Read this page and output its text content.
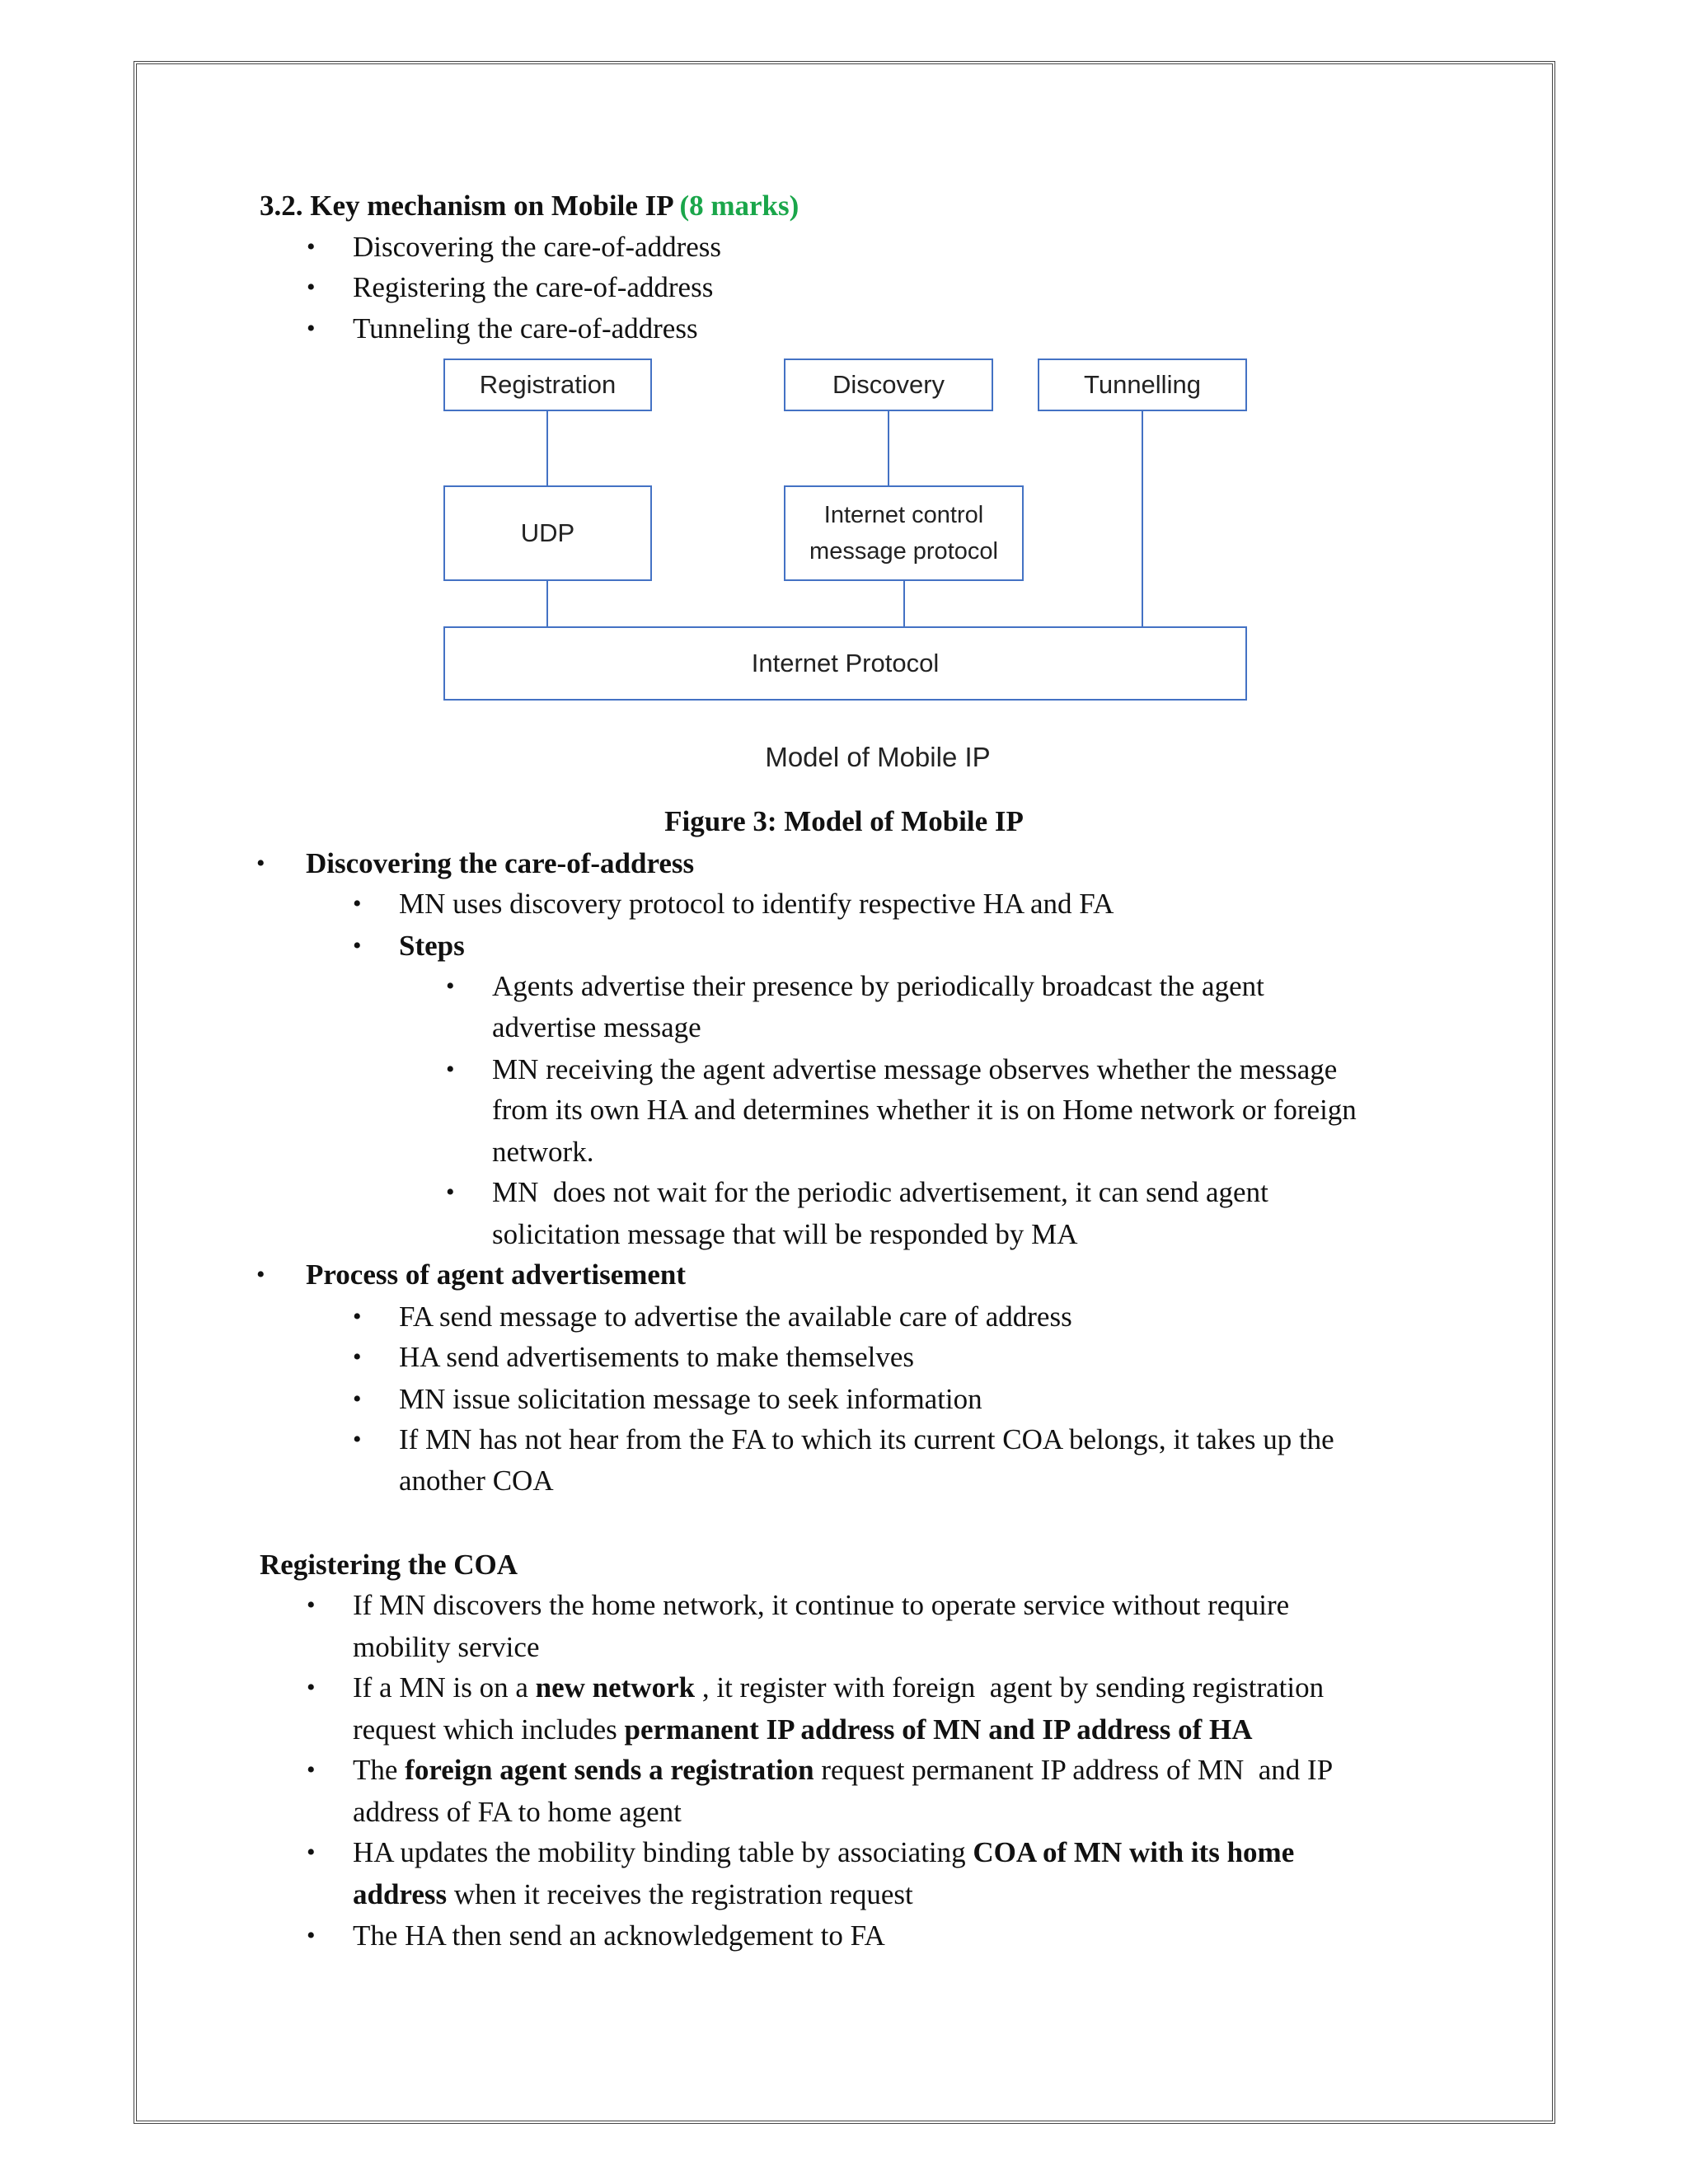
3.2. Key mechanism on Mobile IP (8 marks)
• Discovering the care-of-address
• Registering the care-of-address
• Tunneling the care-of-address
Registration	Discovery	Tunnelling
UDP
Internet control
message protocol
Internet Protocol
Model of Mobile IP
Figure 3: Model of Mobile IP
• Discovering the care-of-address
• MN uses discovery protocol to identify respective HA and FA
• Steps
• Agents advertise their presence by periodically broadcast the agent
advertise message
• MN receiving the agent advertise message observes whether the message
from its own HA and determines whether it is on Home network or foreign
network.
• MN  does not wait for the periodic advertisement, it can send agent
solicitation message that will be responded by MA
• Process of agent advertisement
• FA send message to advertise the available care of address
• HA send advertisements to make themselves
• MN issue solicitation message to seek information
• If MN has not hear from the FA to which its current COA belongs, it takes up the
another COA
Registering the COA
• If MN discovers the home network, it continue to operate service without require
mobility service
• If a MN is on a new network , it register with foreign  agent by sending registration
request which includes permanent IP address of MN and IP address of HA
• The foreign agent sends a registration request permanent IP address of MN  and IP
address of FA to home agent
• HA updates the mobility binding table by associating COA of MN with its home
address when it receives the registration request
• The HA then send an acknowledgement to FA
